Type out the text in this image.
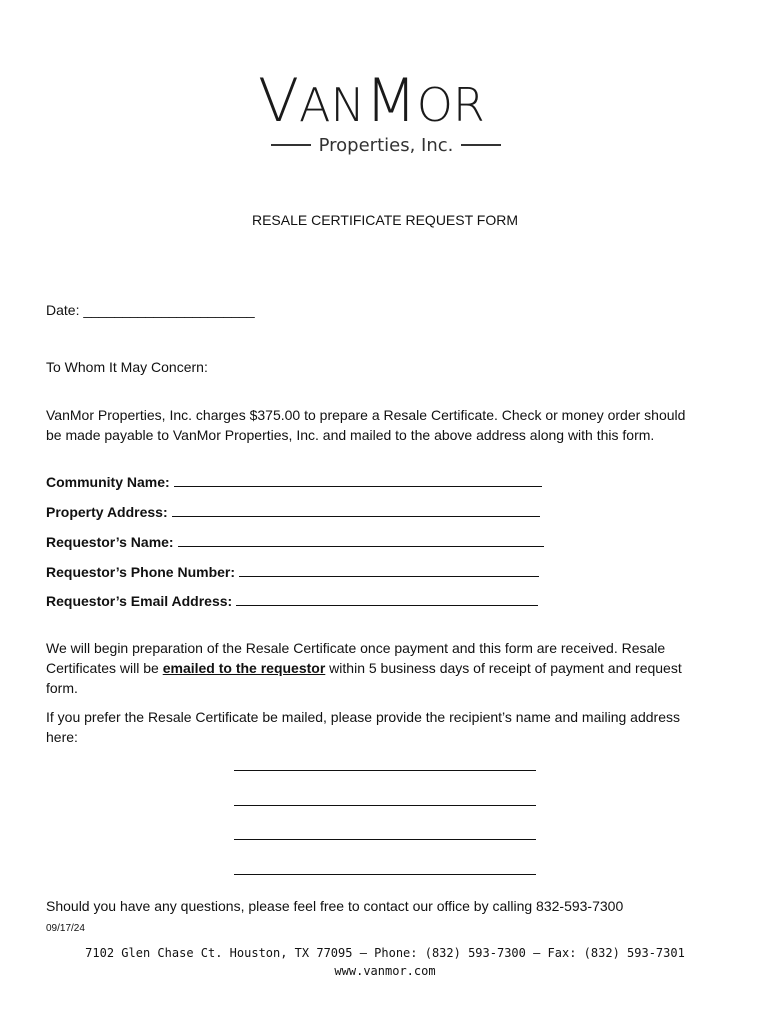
VANMOR
Properties, Inc.
RESALE CERTIFICATE REQUEST FORM
Date: ______________________
To Whom It May Concern:
VanMor Properties, Inc. charges $375.00 to prepare a Resale Certificate. Check or money order should
be made payable to VanMor Properties, Inc. and mailed to the above address along with this form.
Community Name:
Property Address:
Requestor’s Name:
Requestor’s Phone Number:
Requestor’s Email Address:
We will begin preparation of the Resale Certificate once payment and this form are received. Resale
Certificates will be emailed to the requestor within 5 business days of receipt of payment and request
form.
If you prefer the Resale Certificate be mailed, please provide the recipient’s name and mailing address
here:
Should you have any questions, please feel free to contact our office by calling 832-593-7300
09/17/24
7102 Glen Chase Ct. Houston, TX 77095 – Phone: (832) 593-7300 – Fax: (832) 593-7301
www.vanmor.com
